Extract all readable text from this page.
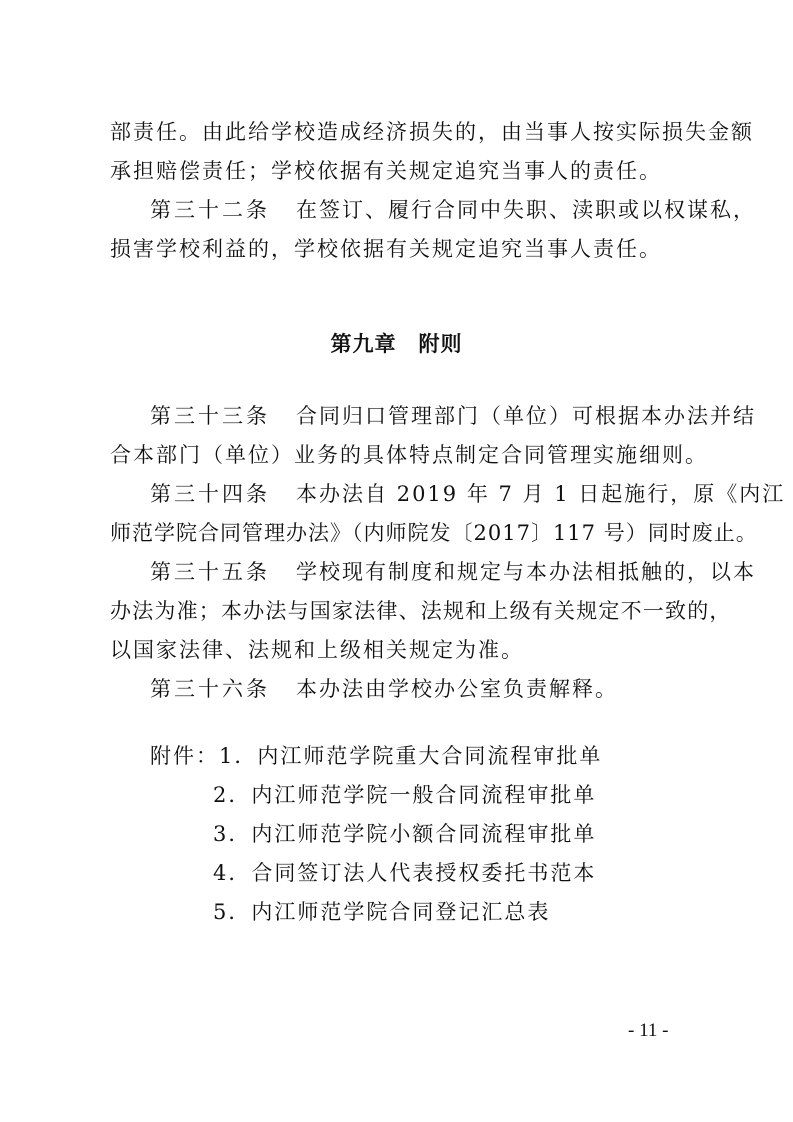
部责任。由此给学校造成经济损失的，由当事人按实际损失金额
承担赔偿责任；学校依据有关规定追究当事人的责任。
第三十二条 在签订、履行合同中失职、渎职或以权谋私，
损害学校利益的，学校依据有关规定追究当事人责任。
第九章　 附则
第三十三条 合同归口管理部门（单位）可根据本办法并结
合本部门（单位）业务的具体特点制定合同管理实施细则。
第三十四条 本办法自 2019 年 7 月 1 日起施行，原《内江
师范学院合同管理办法》（内师院发〔2017〕117 号）同时废止。
第三十五条 学校现有制度和规定与本办法相抵触的，以本
办法为准；本办法与国家法律、法规和上级有关规定不一致的，
以国家法律、法规和上级相关规定为准。
第三十六条 本办法由学校办公室负责解释。
附件：1．内江师范学院重大合同流程审批单
2．内江师范学院一般合同流程审批单
3．内江师范学院小额合同流程审批单
4．合同签订法人代表授权委托书范本
5．内江师范学院合同登记汇总表
- 11 -
